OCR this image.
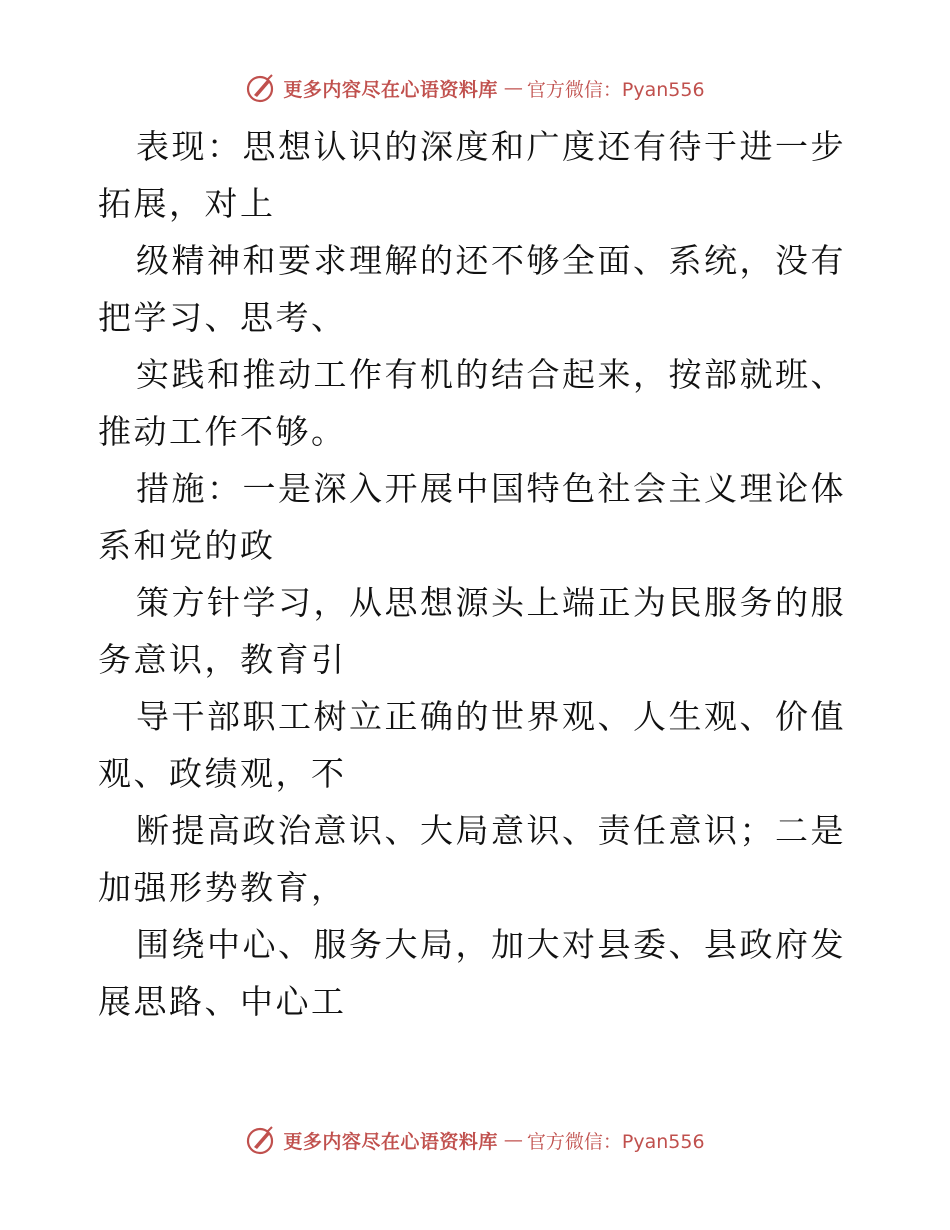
更多内容尽在心语资料库 — 官方微信：Pyan556

表现：思想认识的深度和广度还有待于进一步拓展，对上

级精神和要求理解的还不够全面、系统，没有把学习、思考、

实践和推动工作有机的结合起来，按部就班、推动工作不够。

措施：一是深入开展中国特色社会主义理论体系和党的政

策方针学习，从思想源头上端正为民服务的服务意识，教育引

导干部职工树立正确的世界观、人生观、价值观、政绩观，不

断提高政治意识、大局意识、责任意识；二是加强形势教育，

围绕中心、服务大局，加大对县委、县政府发展思路、中心工

更多内容尽在心语资料库 — 官方微信：Pyan556
